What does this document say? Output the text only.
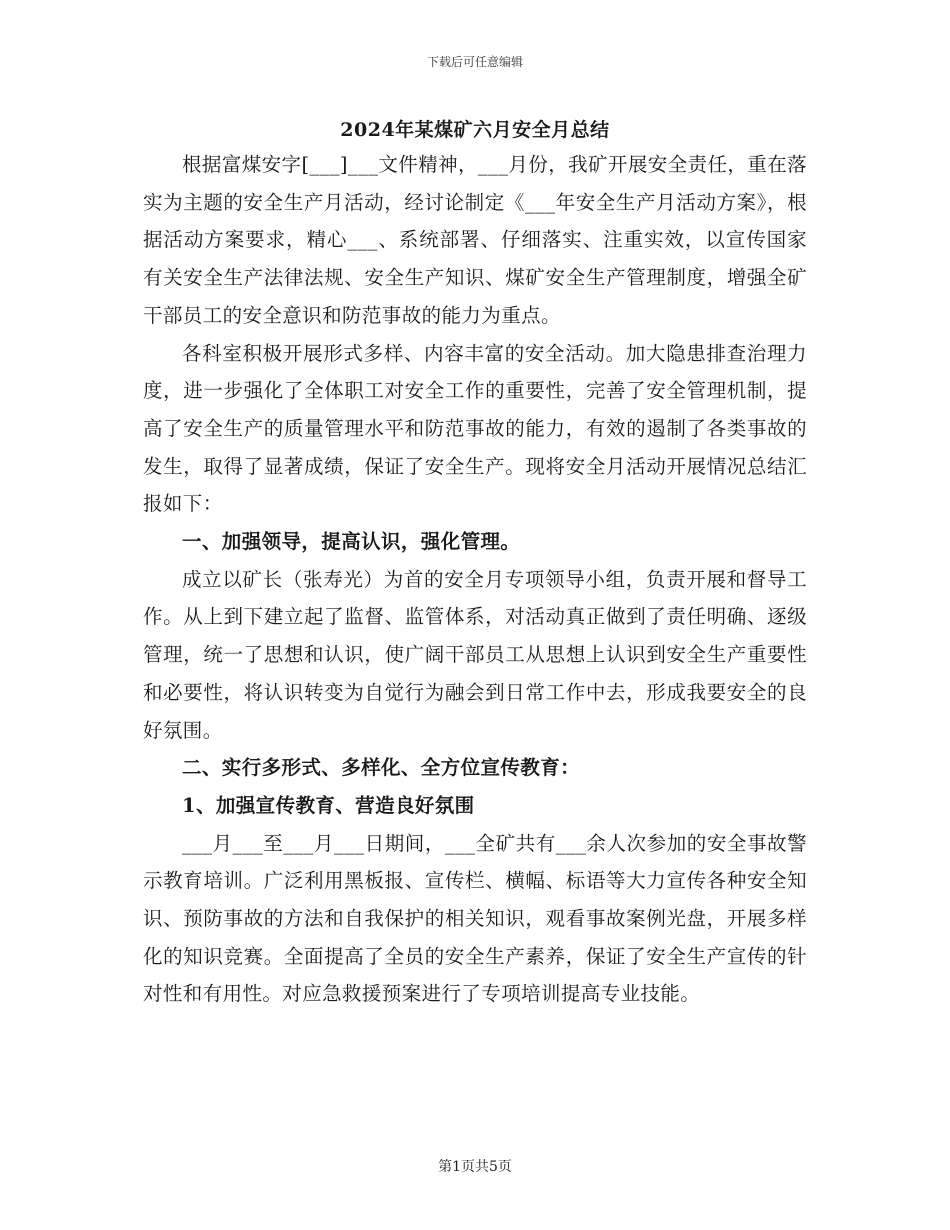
下载后可任意编辑
2024年某煤矿六月安全月总结

根据富煤安字[___]___文件精神，___月份，我矿开展安全责任，重在落实为主题的安全生产月活动，经讨论制定《___年安全生产月活动方案》，根据活动方案要求，精心___、系统部署、仔细落实、注重实效，以宣传国家有关安全生产法律法规、安全生产知识、煤矿安全生产管理制度，增强全矿干部员工的安全意识和防范事故的能力为重点。

各科室积极开展形式多样、内容丰富的安全活动。加大隐患排查治理力度，进一步强化了全体职工对安全工作的重要性，完善了安全管理机制，提高了安全生产的质量管理水平和防范事故的能力，有效的遏制了各类事故的发生，取得了显著成绩，保证了安全生产。现将安全月活动开展情况总结汇报如下：

一、加强领导，提高认识，强化管理。

成立以矿长（张寿光）为首的安全月专项领导小组，负责开展和督导工作。从上到下建立起了监督、监管体系，对活动真正做到了责任明确、逐级管理，统一了思想和认识，使广阔干部员工从思想上认识到安全生产重要性和必要性，将认识转变为自觉行为融会到日常工作中去，形成我要安全的良好氛围。

二、实行多形式、多样化、全方位宣传教育：

1、加强宣传教育、营造良好氛围

___月___至___月___日期间，___全矿共有___余人次参加的安全事故警示教育培训。广泛利用黑板报、宣传栏、横幅、标语等大力宣传各种安全知识、预防事故的方法和自我保护的相关知识，观看事故案例光盘，开展多样化的知识竞赛。全面提高了全员的安全生产素养，保证了安全生产宣传的针对性和有用性。对应急救援预案进行了专项培训提高专业技能。

第1页共5页
